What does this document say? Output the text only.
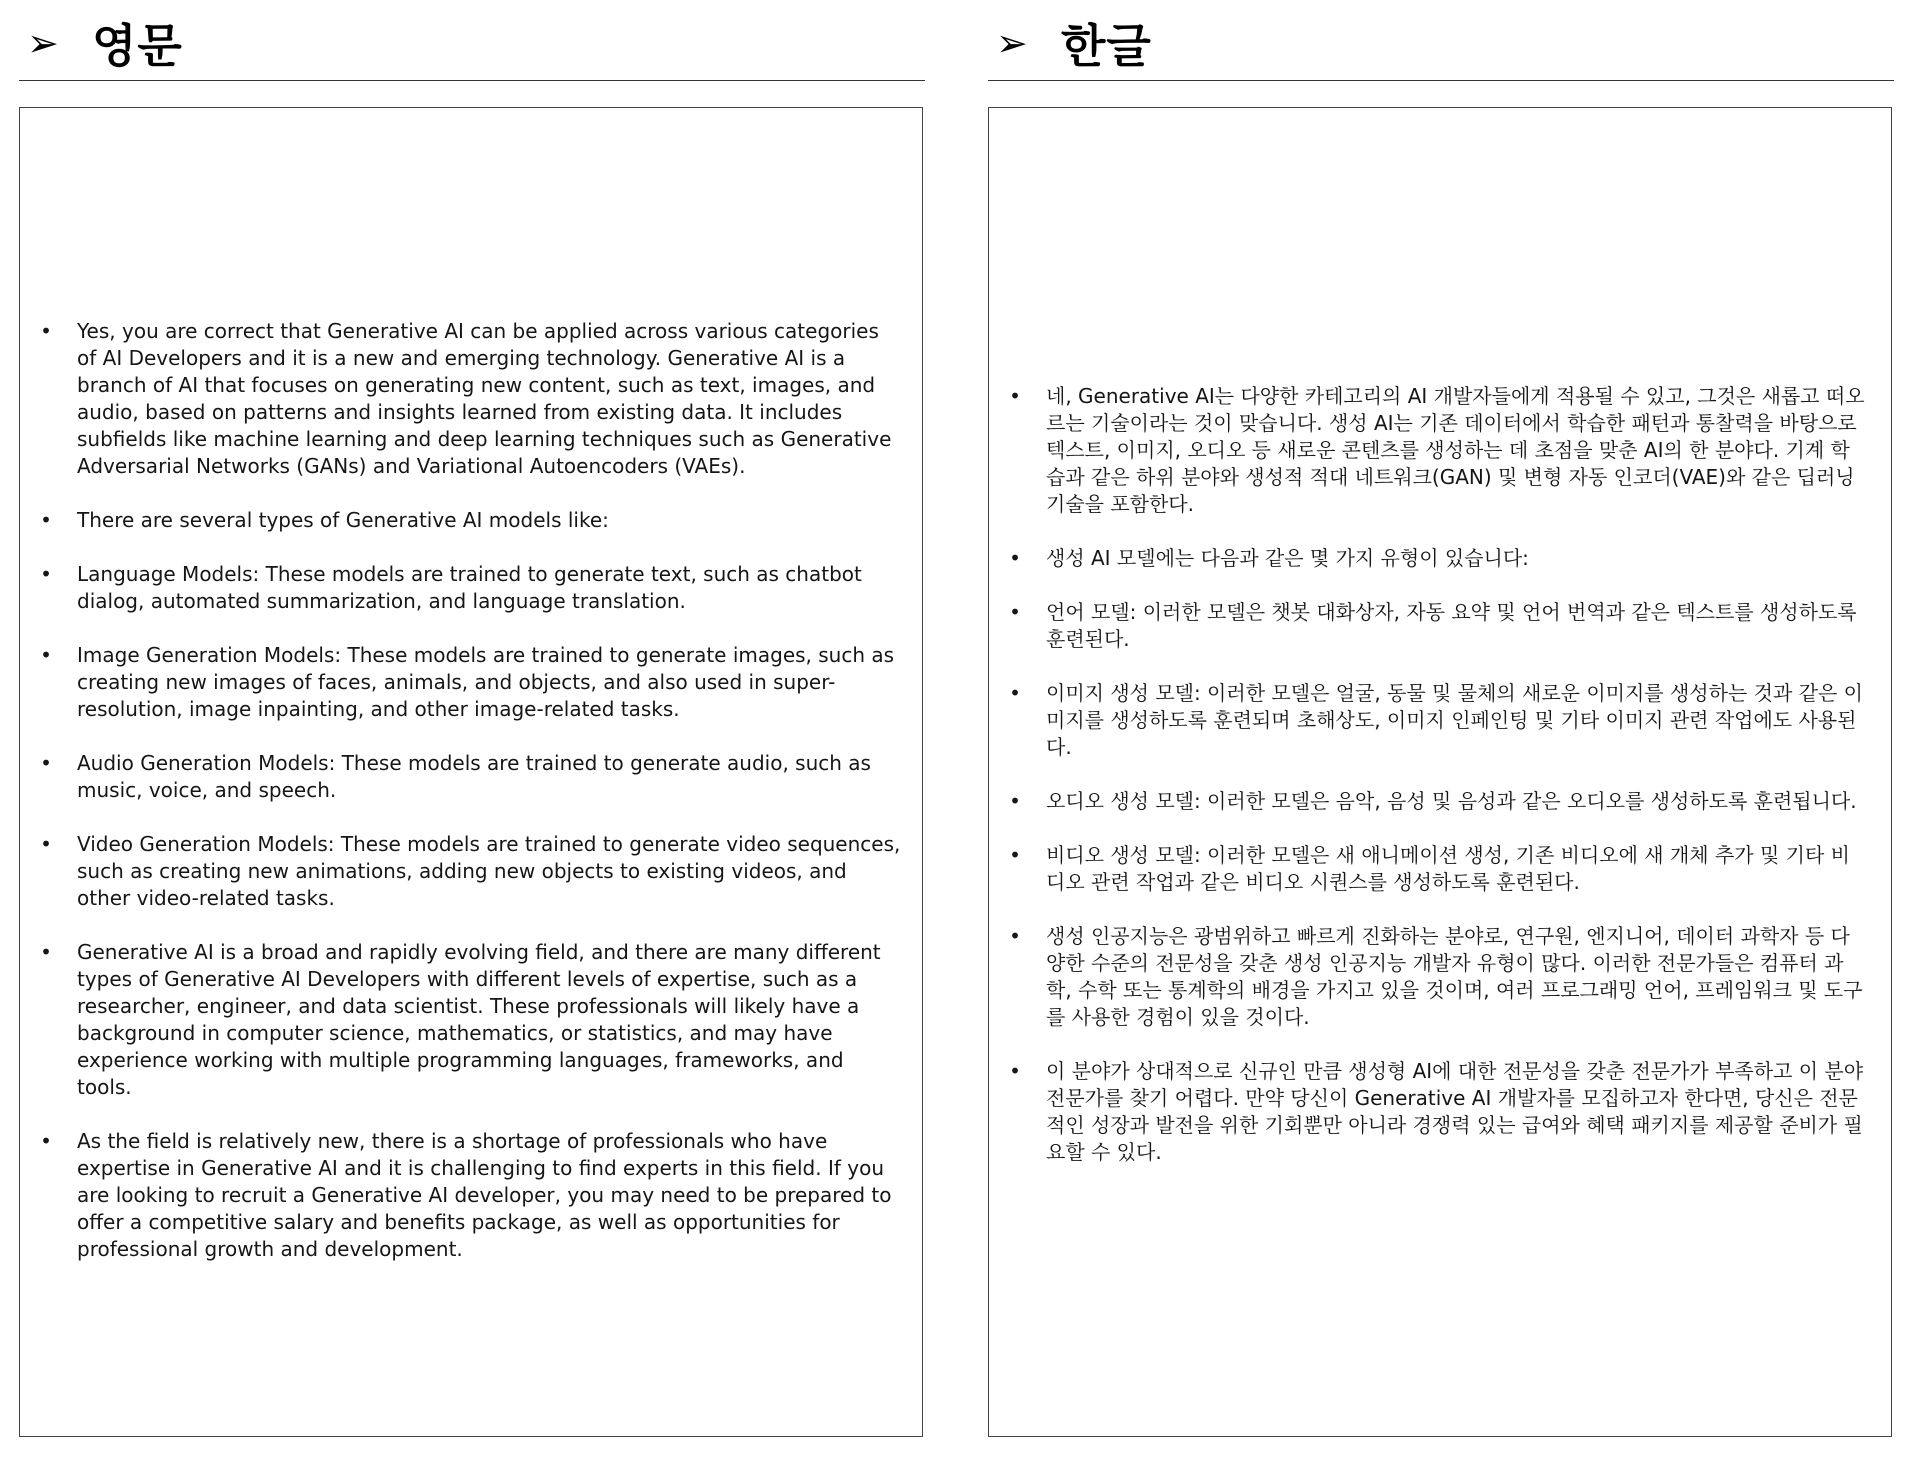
➢ 영문
• Yes, you are correct that Generative AI can be applied across various categories of AI Developers and it is a new and emerging technology. Generative AI is a branch of AI that focuses on generating new content, such as text, images, and audio, based on patterns and insights learned from existing data. It includes subfields like machine learning and deep learning techniques such as Generative Adversarial Networks (GANs) and Variational Autoencoders (VAEs).
• There are several types of Generative AI models like:
• Language Models: These models are trained to generate text, such as chatbot dialog, automated summarization, and language translation.
• Image Generation Models: These models are trained to generate images, such as creating new images of faces, animals, and objects, and also used in super-resolution, image inpainting, and other image-related tasks.
• Audio Generation Models: These models are trained to generate audio, such as music, voice, and speech.
• Video Generation Models: These models are trained to generate video sequences, such as creating new animations, adding new objects to existing videos, and other video-related tasks.
• Generative AI is a broad and rapidly evolving field, and there are many different types of Generative AI Developers with different levels of expertise, such as a researcher, engineer, and data scientist. These professionals will likely have a background in computer science, mathematics, or statistics, and may have experience working with multiple programming languages, frameworks, and tools.
• As the field is relatively new, there is a shortage of professionals who have expertise in Generative AI and it is challenging to find experts in this field. If you are looking to recruit a Generative AI developer, you may need to be prepared to offer a competitive salary and benefits package, as well as opportunities for professional growth and development.
➢ 한글
• 네, Generative AI는 다양한 카테고리의 AI 개발자들에게 적용될 수 있고, 그것은 새롭고 떠오르는 기술이라는 것이 맞습니다. 생성 AI는 기존 데이터에서 학습한 패턴과 통찰력을 바탕으로 텍스트, 이미지, 오디오 등 새로운 콘텐츠를 생성하는 데 초점을 맞춘 AI의 한 분야다. 기계 학습과 같은 하위 분야와 생성적 적대 네트워크(GAN) 및 변형 자동 인코더(VAE)와 같은 딥러닝 기술을 포함한다.
• 생성 AI 모델에는 다음과 같은 몇 가지 유형이 있습니다:
• 언어 모델: 이러한 모델은 챗봇 대화상자, 자동 요약 및 언어 번역과 같은 텍스트를 생성하도록 훈련된다.
• 이미지 생성 모델: 이러한 모델은 얼굴, 동물 및 물체의 새로운 이미지를 생성하는 것과 같은 이미지를 생성하도록 훈련되며 초해상도, 이미지 인페인팅 및 기타 이미지 관련 작업에도 사용된다.
• 오디오 생성 모델: 이러한 모델은 음악, 음성 및 음성과 같은 오디오를 생성하도록 훈련됩니다.
• 비디오 생성 모델: 이러한 모델은 새 애니메이션 생성, 기존 비디오에 새 개체 추가 및 기타 비디오 관련 작업과 같은 비디오 시퀀스를 생성하도록 훈련된다.
• 생성 인공지능은 광범위하고 빠르게 진화하는 분야로, 연구원, 엔지니어, 데이터 과학자 등 다양한 수준의 전문성을 갖춘 생성 인공지능 개발자 유형이 많다. 이러한 전문가들은 컴퓨터 과학, 수학 또는 통계학의 배경을 가지고 있을 것이며, 여러 프로그래밍 언어, 프레임워크 및 도구를 사용한 경험이 있을 것이다.
• 이 분야가 상대적으로 신규인 만큼 생성형 AI에 대한 전문성을 갖춘 전문가가 부족하고 이 분야 전문가를 찾기 어렵다. 만약 당신이 Generative AI 개발자를 모집하고자 한다면, 당신은 전문적인 성장과 발전을 위한 기회뿐만 아니라 경쟁력 있는 급여와 혜택 패키지를 제공할 준비가 필요할 수 있다.
